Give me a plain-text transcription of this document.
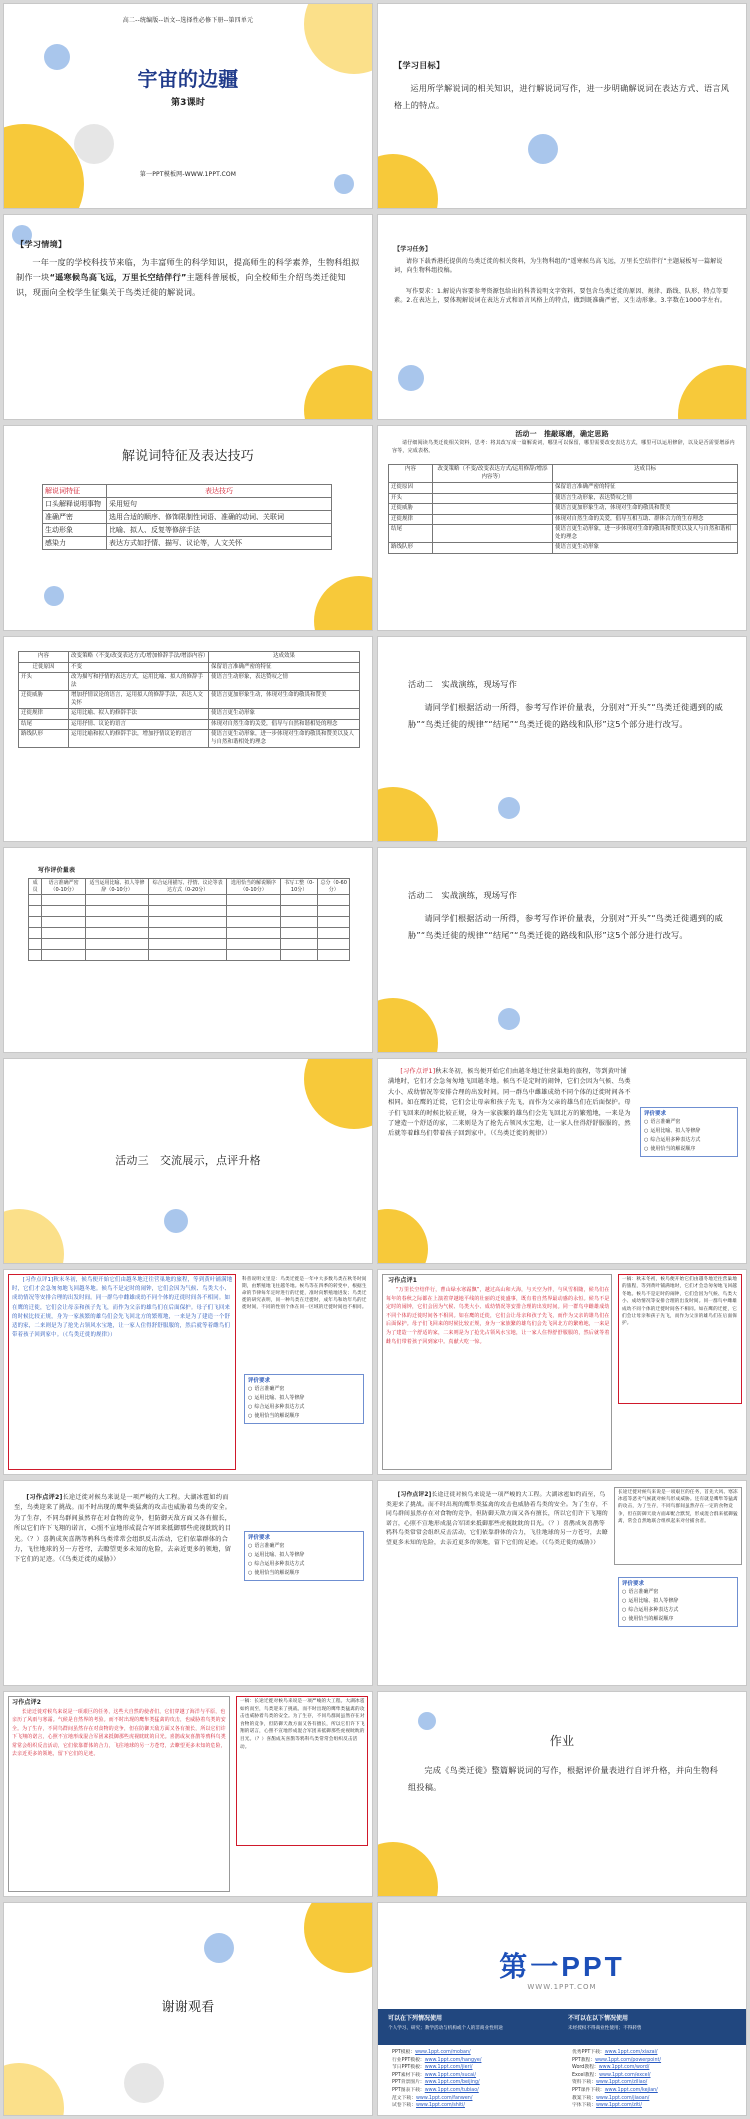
高二--统编版--语文--选择性必修下册--第四单元
宇宙的边疆
第3课时
第一PPT模板网-WWW.1PPT.COM
【学习目标】
运用所学解说词的相关知识，进行解说词写作，进一步明确解说词在表达方式、语言风格上的特点。
【学习情境】
一年一度的学校科技节来临，为丰富师生的科学知识，提高师生的科学素养，生物科组拟制作一块“遥寒候鸟高飞远，万里长空结伴行”主题科普展板，向全校师生介绍鸟类迁徙知识，现面向全校学生征集关于鸟类迁徙的解说词。
【学习任务】
请你下载香港托提供的鸟类迁徙的相关资料，为生物科组的“遥寒候鸟高飞远，万里长空结伴行”主题展板写一篇解说词，向生物科组投稿。
写作要求：1.解说内容要参考资源包给出的科普说明文字资料，要包含鸟类迁徙的原因、规律、路线、队形、特点等要素。2.在表达上，要体现解说词在表达方式和语言风格上的特点，做到既准确严密，又生动形象。3.字数在1000字左右。
解说词特征及表达技巧
解说词特征	表达技巧
口头解释说明事物	采用短句
准确严密	选用合适的顺序、修饰限制性词语、准确的动词、关联词
生动形象	比喻、拟人、反复等修辞手法
感染力	表达方式如抒情、描写、议论等，人文关怀
活动一　推敲琢磨，确定思路
请仔细阅读鸟类迁徙相关资料，思考：将其改写成一篇解说词，哪里可以保留，哪里需要改变表达方式，哪里可以运用修辞，以及是否需要增添内容等，完成表格。
内容	改变策略（不变/改变表达方式/运用修辞/增添内容等）	达成目标
迁徙原因		保留语言准确严密的特征
开头		使语言生动形象，表达赞叹之情
迁徙威胁		使语言更加形象生动，体现对生命的敬畏和赞美
迁徙规律		体现对自然生命的关爱，倡导互相互助、群体合力的生存理念
结尾		使语言更生动形象，进一步体现对生命的敬畏和赞美以及人与自然和谐相处的理念
路线队形		使语言更生动形象
内容	改变策略（不变/改变表达方式/增加修辞手法/增添内容）	达成效果
迁徙原因	不变	保留语言准确严密的特征
开头	改为描写和抒情的表达方式，运用比喻、拟人的修辞手法	使语言生动形象，表达赞叹之情
迁徙威胁	增加抒情议论的语言，运用拟人的修辞手法，表达人文关怀	使语言更加形象生动，体现对生命的敬畏和赞美
迁徙规律	运用比喻、拟人的修辞手法	使语言更生动形象
结尾	运用抒情、议论的语言	体现对自然生命的关爱，倡导与自然和谐相处的理念
路线队形	运用比喻和拟人的修辞手法，增加抒情议论的语言	使语言更生动形象，进一步体现对生命的敬畏和赞美以及人与自然和谐相处的理念
活动二　实战演练，现场写作
请同学们根据活动一所得，参考写作评价量表，分别对“开头”“鸟类迁徙遇到的威胁”“鸟类迁徙的规律”“结尾”“鸟类迁徙的路线和队形”这5个部分进行改写。
写作评价量表
成员	语言准确严密（0-10分）	适当运用比喻、拟人等修辞（0-10分）	综合运用描写、抒情、议论等表达方式（0-20分）	选用恰当的解说顺序（0-10分）	书写工整（0-10分）	总分（0-60分）

活动二　实战演练，现场写作
请同学们根据活动一所得，参考写作评价量表，分别对“开头”“鸟类迁徙遇到的威胁”“鸟类迁徙的规律”“结尾”“鸟类迁徙的路线和队形”这5个部分进行改写。
活动三　交流展示，点评升格
[习作点评1]秋末冬初，候鸟便开始它们由越冬地迁往营巢地的旅程，等到黄叶铺满地时，它们才会急匆匆地飞回越冬地。候鸟不是定时的闹钟，它们会因为气候、鸟类大小、成幼情况等安排合理的出发时间。同一群鸟中雌雄成幼不同个体的迁徙时间各不相同。如在鹰的迁徙，它们会让母亲和孩子先飞，而作为父亲的雄鸟们在后面保护。母子们飞回来的时候比较正规，身为一家族繁的雄鸟们会先飞回北方的繁殖地，一来是为了建造一个舒适的家，二来则是为了抢先占领风水宝地，让一家人住得舒舒服服的，然后就等着雌鸟们带着孩子回到家中。（《鸟类迁徙的规律》）
评价要求
○ 语言准确严密
○ 运用比喻、拟人等修辞
○ 综合运用多种表达方式
○ 使用恰当的解说顺序
[习作点评1]秋末冬初，候鸟便开始它们由越冬地迁往营巢地的旅程，等到黄叶铺满地时，它们才会急匆匆地飞回越冬地。候鸟不是定时的闹钟，它们会因为气候、鸟类大小、成幼情况等安排合理的出发时间。同一群鸟中雌雄成幼不同个体的迁徙时间各不相同。如在鹰的迁徙，它们会让母亲和孩子先飞，而作为父亲的雄鸟们在后面保护。母子们飞回来的时候比较正规，身为一家族繁的雄鸟们会先飞回北方的繁殖地，一来是为了建造一个舒适的家，二来则是为了抢先占领风水宝地，让一家人住得舒舒服服的，然后就等着雌鸟们带着孩子回到家中。（《鸟类迁徙的规律》）
科普说明文里是：鸟类迁徙是一年中大多数鸟类在秋冬时间期，由繁殖地飞往越冬地。候鸟等在四季的转变中，根据生命的节律每年定时进行的迁徙，准时向繁殖地进发；鸟类迁徙的研究表明，同一种鸟类在迁徙时，成年鸟和幼年鸟的迁徙时间，不同的性别个体在同一区域的迁徙时间也不相同。
评价要求
○ 语言准确严密
○ 运用比喻、拟人等修辞
○ 综合运用多种表达方式
○ 使用恰当的解说顺序
习作点评1
“万里长空结伴行，曹山绿水寒霜飘”，越过高山和大海，与天空为伴，与风雪相随，候鸟们在每年的春秋之际都在上演着穿越地平线的壮丽的迁徙盛事，既有着自然界最动感的永恒。候鸟不是定时的闹钟，它们会因为气候、鸟类大小、成幼情况等安排合理的出发时间。同一群鸟中雌雄成幼不同个体的迁徙时间各不相同。如在鹰的迁徙，它们会让母亲和孩子先飞，而作为父亲的雄鸟们在后面保护。母子们飞回来的时候比较正规，身为一家族繁的雄鸟们会先飞回北方的繁殖地，一来是为了建造一个舒适的家，二来则是为了抢先占领风水宝地，让一家人住得舒舒服服的，然后就等着雌鸟们带着孩子回到家中。真献大吃一惊。
一稿：秋末冬初，候鸟便开始它们由越冬地迁往营巢地的旅程，等到黄叶铺满地时，它们才会急匆匆地飞回越冬地。候鸟不是定时的闹钟，它们会因为气候、鸟类大小、成幼情况等安排合理的出发时间。同一群鸟中雌雄成幼不同个体的迁徙时间各不相同。如在鹰的迁徙，它们会让母亲和孩子先飞，而作为父亲的雄鸟们在后面保护。
[习作点评2]长途迁徙对候鸟来说是一项严峻的大工程。大湖冰雹如约而至，鸟类迎来了挑战。而不时出现的鹰隼类猛禽的攻击也威胁着鸟类的安全。为了生存，不同鸟群间虽然存在对食物的竞争，但防御天敌方面又各有擅长，所以它们许下飞翔的诺言，心照不宣地形成混合军团来抵御那些虎视眈眈的目光。（？）喜鹊成灰喜鹊等鸦科鸟类常常会组织反击活动，它们依靠群体的合力，飞往地球的另一方苍穹，去瞭望更多未知的危险，去亲近更多的领地，留下它们的足迹。（《鸟类迁徙的威胁》）
评价要求
○ 语言准确严密
○ 运用比喻、拟人等修辞
○ 综合运用多种表达方式
○ 使用恰当的解说顺序
[习作点评2]长途迁徙对候鸟来说是一项严峻的大工程。大湖冰雹如约而至，鸟类迎来了挑战。而不时出现的鹰隼类猛禽的攻击也威胁着鸟类的安全。为了生存，不同鸟群间虽然存在对食物的竞争，但防御天敌方面又各有擅长，所以它们许下飞翔的诺言，心照不宣地形成混合军团来抵御那些虎视眈眈的目光。（？）喜鹊成灰喜鹊等鸦科鸟类常常会组织反击活动，它们依靠群体的合力，飞往地球的另一方苍穹，去瞭望更多未知的危险，去亲近更多的领地，留下它们的足迹。（《鸟类迁徙的威胁》）
长途迁徙对候鸟来说是一项艰巨的任务，首先大风、寒冻冰雹等恶劣气候就对候鸟形成威胁。还有就是鹰隼等猛禽的攻击，为了生存，不同鸟群间虽然存在一定的食物竞争，但在防御天敌方面却配合默契，形成混合群来抵御猛禽，常会自然地联合组织起来对付捕食者。
评价要求
○ 语言准确严密
○ 运用比喻、拟人等修辞
○ 综合运用多种表达方式
○ 使用恰当的解说顺序
习作点评2
长途迁徙对候鸟来说是一项艰巨的任务，这些大自然的使者们，它们穿越了海洋与平原，也亲历了风雨与寒霜。气候是自然界的考验。而不时出现的鹰隼类猛禽的攻击，也威胁着鸟类的安全。为了生存，不同鸟群间虽然存在对食物的竞争，但在防御天敌方面又各有擅长，所以它们许下飞翔的诺言，心照不宣地形成混合军团来抵御那些虎视眈眈的目光。喜鹊或灰喜鹊等鸦科鸟类常常会组织反击活动，它们依靠群体的合力，飞往地球的另一方苍穹，去瞭望更多未知的危险，去亲近更多的领地，留下它们的足迹。
一稿：长途迁徙对候鸟来说是一项严峻的大工程。大湖冰雹如约而至，鸟类迎来了挑战。而不时出现的鹰隼类猛禽的攻击也威胁着鸟类的安全。为了生存，不同鸟群间虽然存在对食物的竞争，但防御天敌方面又各有擅长，所以它们许下飞翔的诺言，心照不宣地形成混合军团来抵御那些虎视眈眈的目光。（？）喜鹊成灰喜鹊等鸦科鸟类常常会组织反击活动。	作业
完成《鸟类迁徙》整篇解说词的写作，根据评价量表进行自评升格，并向生物科组投稿。
谢谢观看
第一PPT
WWW.1PPT.COM
可以在下列情况使用
个人学习、研究；教学活动与机构或个人的非商业性用途
不可以在以下情况使用
未经授权不得商业性使用；不得转售
PPT模板：www.1ppt.com/moban/
行业PPT模板：www.1ppt.com/hangye/
节日PPT模板：www.1ppt.com/jieri/
PPT素材下载：www.1ppt.com/sucai/
PPT背景图片：www.1ppt.com/beijing/
PPT图表下载：www.1ppt.com/tubiao/
范文下载：www.1ppt.com/fanwen/
试卷下载：www.1ppt.com/shiti/
优秀PPT下载：www.1ppt.com/xiazai/
PPT教程：www.1ppt.com/powerpoint/
Word教程：www.1ppt.com/word/
Excel教程：www.1ppt.com/excel/
资料下载：www.1ppt.com/ziliao/
PPT课件下载：www.1ppt.com/kejian/
教案下载：www.1ppt.com/jiaoan/
字体下载：www.1ppt.com/ziti/
